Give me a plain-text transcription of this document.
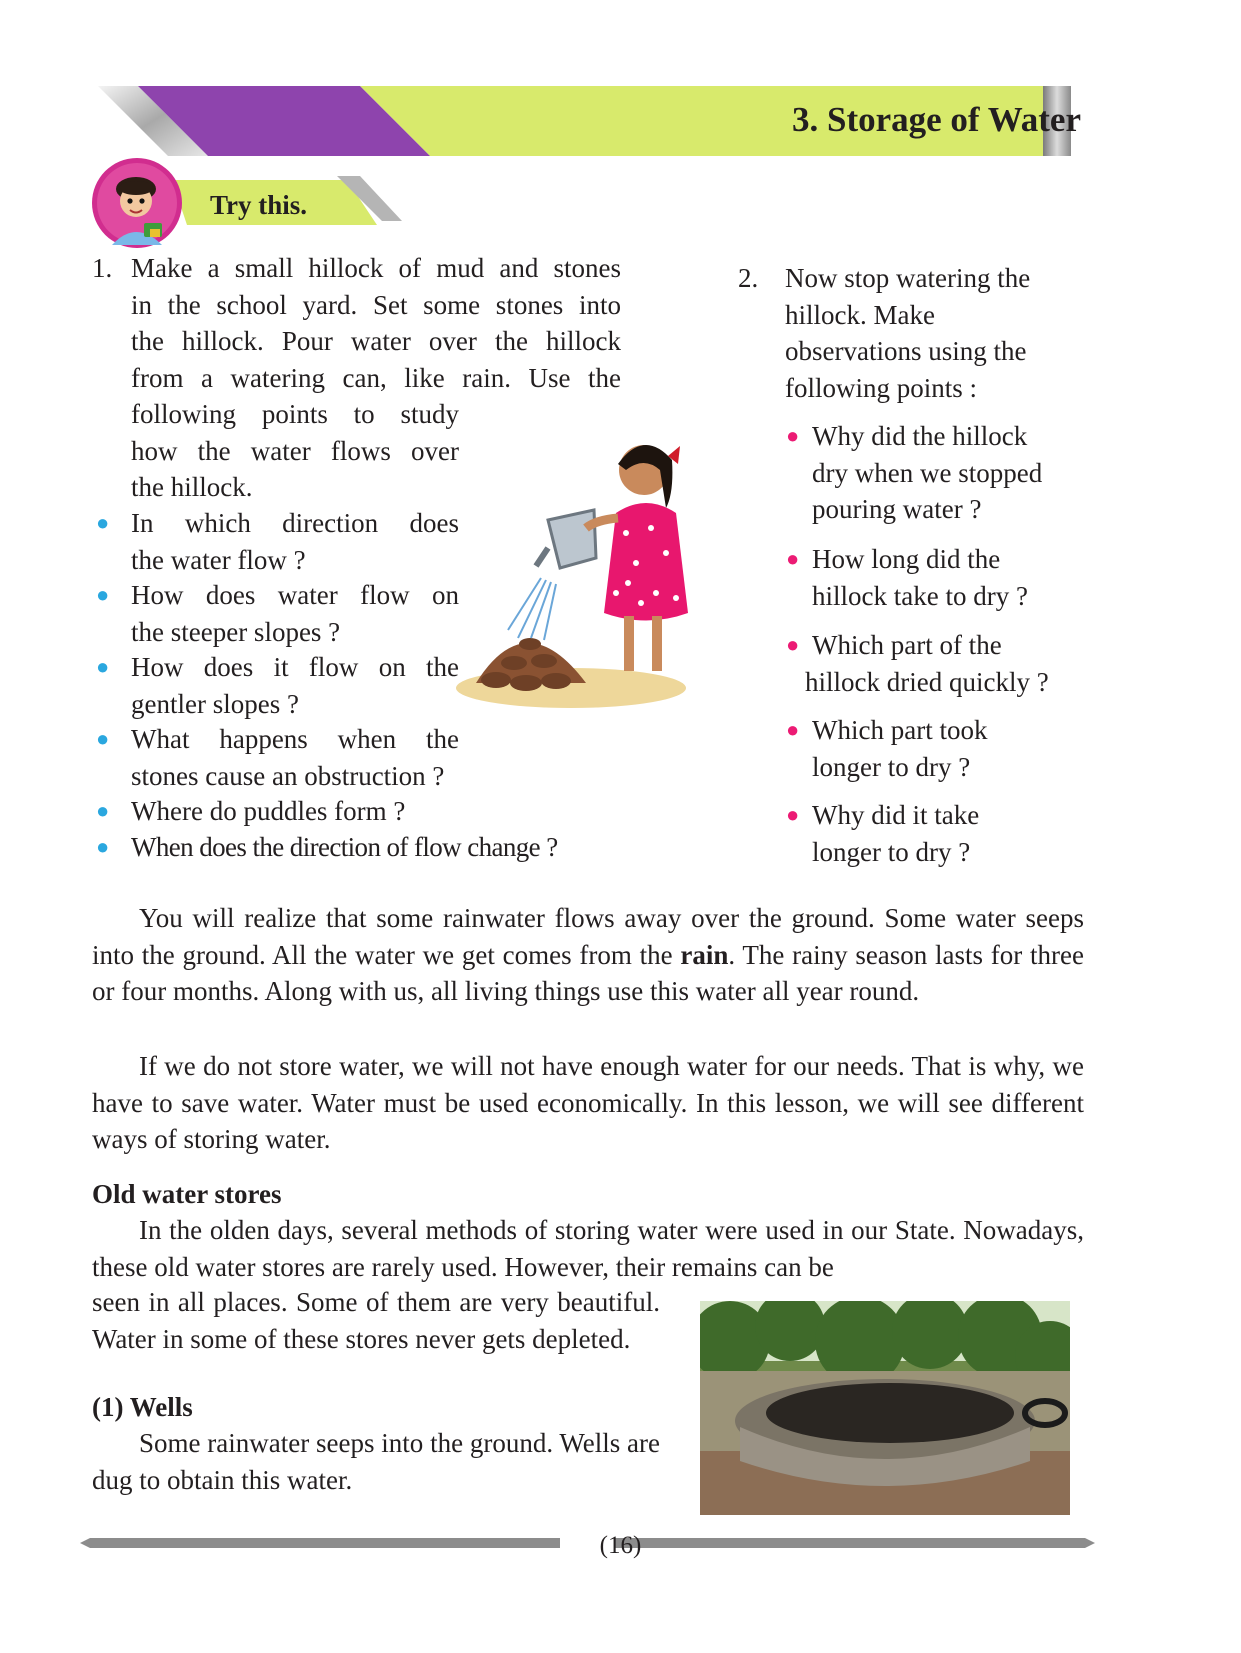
3. Storage of Water
Try this.
1. Make a small hillock of mud and stones
in the school yard. Set some stones into
the hillock. Pour water over the hillock
from a watering can, like rain. Use the
following points to study
how the water flows over
the hillock.
● In which direction does
the water flow ?
● How does water flow on
the steeper slopes ?
● How does it flow on the
gentler slopes ?
● What happens when the
stones cause an obstruction ?
● Where do puddles form ?
● When does the direction of flow change ?
2. Now stop watering the
hillock. Make
observations using the
following points :
● Why did the hillock
dry when we stopped
pouring water ?
● How long did the
hillock take to dry ?
● Which part of the
hillock dried quickly ?
● Which part took
longer to dry ?
● Why did it take
longer to dry ?

You will realize that some rainwater flows away over the ground. Some water seeps into the ground. All the water we get comes from the rain. The rainy season lasts for three or four months. Along with us, all living things use this water all year round.

If we do not store water, we will not have enough water for our needs. That is why, we have to save water. Water must be used economically. In this lesson, we will see different ways of storing water.

Old water stores

In the olden days, several methods of storing water were used in our State. Nowadays, these old water stores are rarely used. However, their remains can be

seen in all places. Some of them are very beautiful. Water in some of these stores never gets depleted.

(1) Wells

Some rainwater seeps into the ground. Wells are dug to obtain this water.

(16)
